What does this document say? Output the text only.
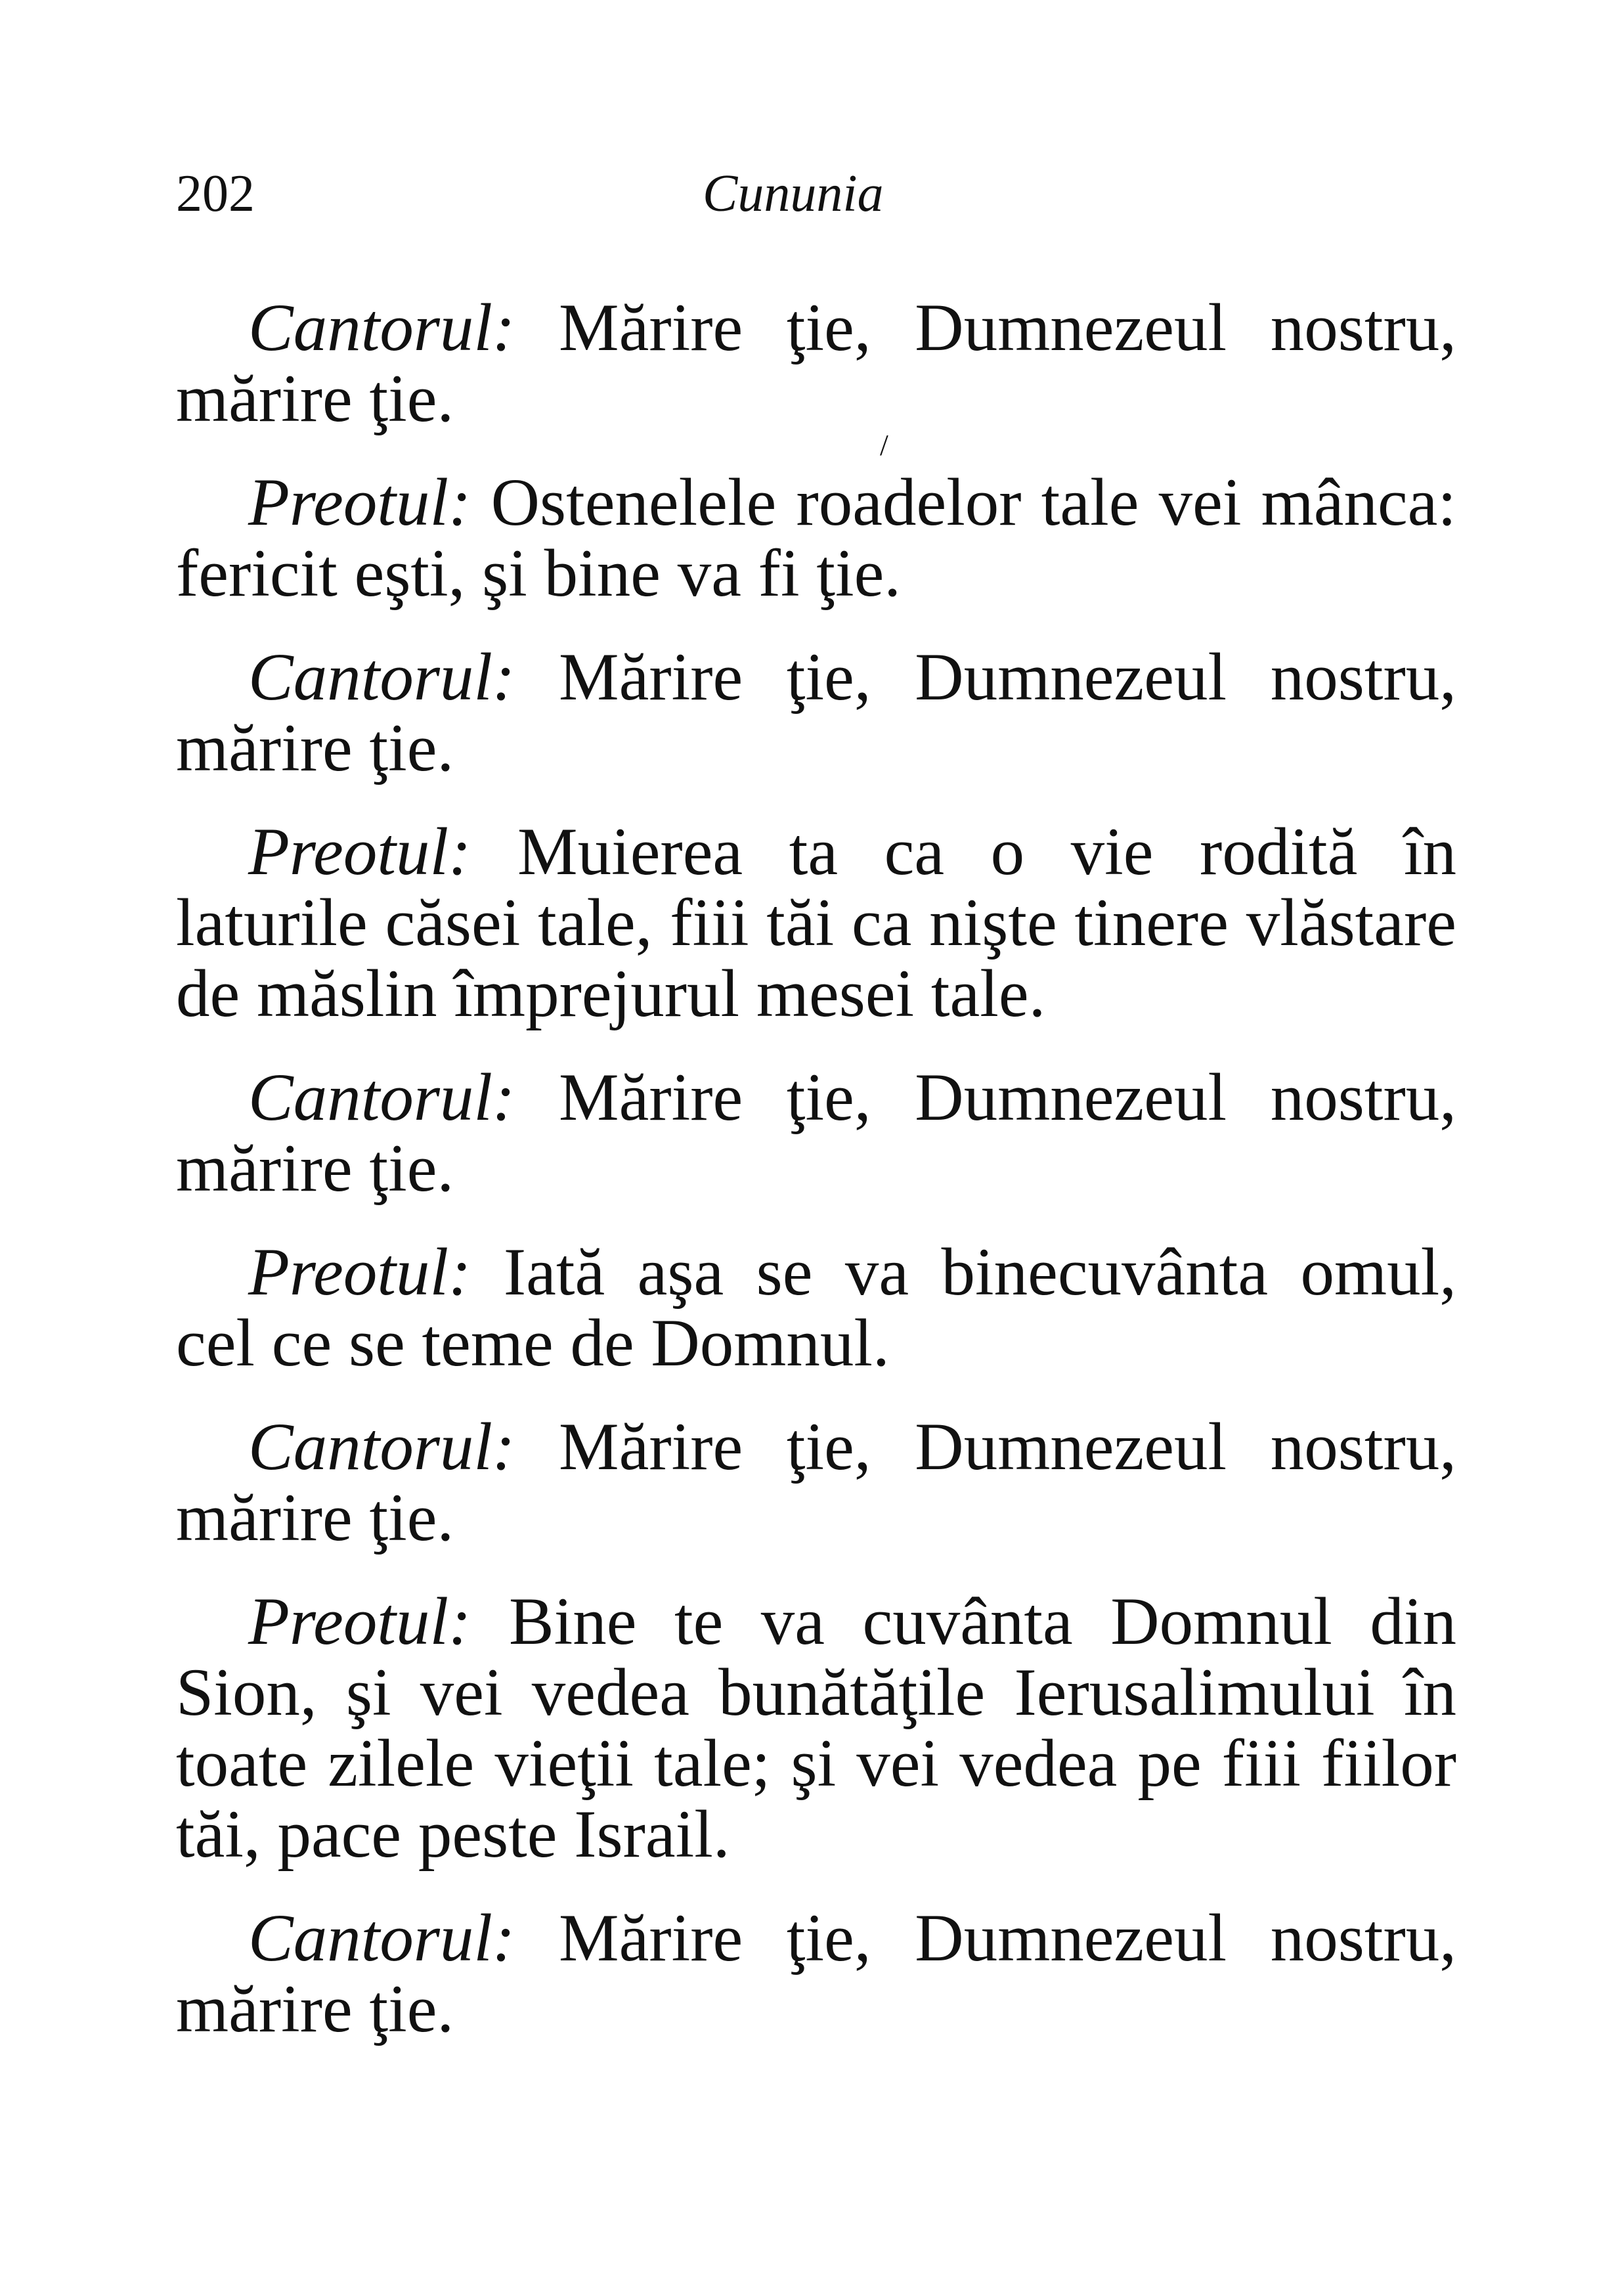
202	Cununia
/

Cantorul: Mărire ţie, Dumnezeul nostru, mărire ţie.

Preotul: Ostenelele roadelor tale vei mânca: fericit eşti, şi bine va fi ţie.

Cantorul: Mărire ţie, Dumnezeul nostru, mărire ţie.

Preotul: Muierea ta ca o vie rodită în laturile căsei tale, fiii tăi ca nişte tinere vlăstare de măslin împrejurul mesei tale.

Cantorul: Mărire ţie, Dumnezeul nostru, mărire ţie.

Preotul: Iată aşa se va binecuvânta omul, cel ce se teme de Domnul.

Cantorul: Mărire ţie, Dumnezeul nostru, mărire ţie.

Preotul: Bine te va cuvânta Domnul din Sion, şi vei vedea bunătăţile Ierusalimului în toate zilele vieţii tale; şi vei vedea pe fiii fiilor tăi, pace peste Israil.

Cantorul: Mărire ţie, Dumnezeul nostru, mărire ţie.
